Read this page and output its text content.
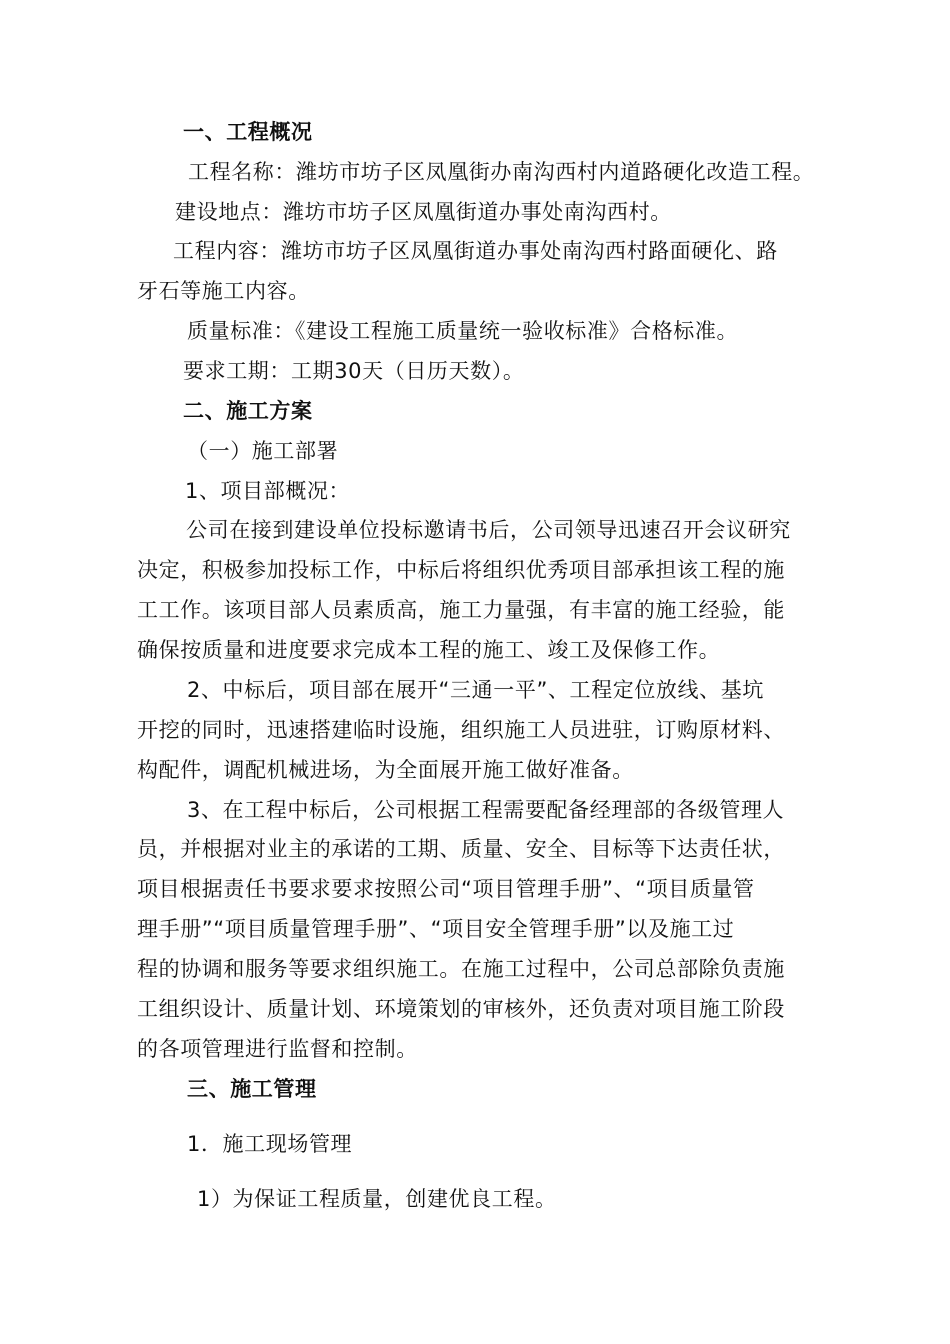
一、工程概况
工程名称：潍坊市坊子区凤凰街办南沟西村内道路硬化改造工程。
建设地点：潍坊市坊子区凤凰街道办事处南沟西村。
工程内容：潍坊市坊子区凤凰街道办事处南沟西村路面硬化、路
牙石等施工内容。
质量标准：《建设工程施工质量统一验收标准》合格标准。
要求工期：工期30天（日历天数）。
二、施工方案
（一）施工部署
1、项目部概况：
公司在接到建设单位投标邀请书后，公司领导迅速召开会议研究
决定，积极参加投标工作，中标后将组织优秀项目部承担该工程的施
工工作。该项目部人员素质高，施工力量强，有丰富的施工经验，能
确保按质量和进度要求完成本工程的施工、竣工及保修工作。
2、中标后，项目部在展开“三通一平”、工程定位放线、基坑
开挖的同时，迅速搭建临时设施，组织施工人员进驻，订购原材料、
构配件，调配机械进场，为全面展开施工做好准备。
3、在工程中标后，公司根据工程需要配备经理部的各级管理人
员，并根据对业主的承诺的工期、质量、安全、目标等下达责任状，
项目根据责任书要求要求按照公司“项目管理手册”、“项目质量管
理手册”“项目质量管理手册”、“项目安全管理手册”以及施工过
程的协调和服务等要求组织施工。在施工过程中，公司总部除负责施
工组织设计、质量计划、环境策划的审核外，还负责对项目施工阶段
的各项管理进行监督和控制。
三、施工管理
1．施工现场管理
1）为保证工程质量，创建优良工程。
